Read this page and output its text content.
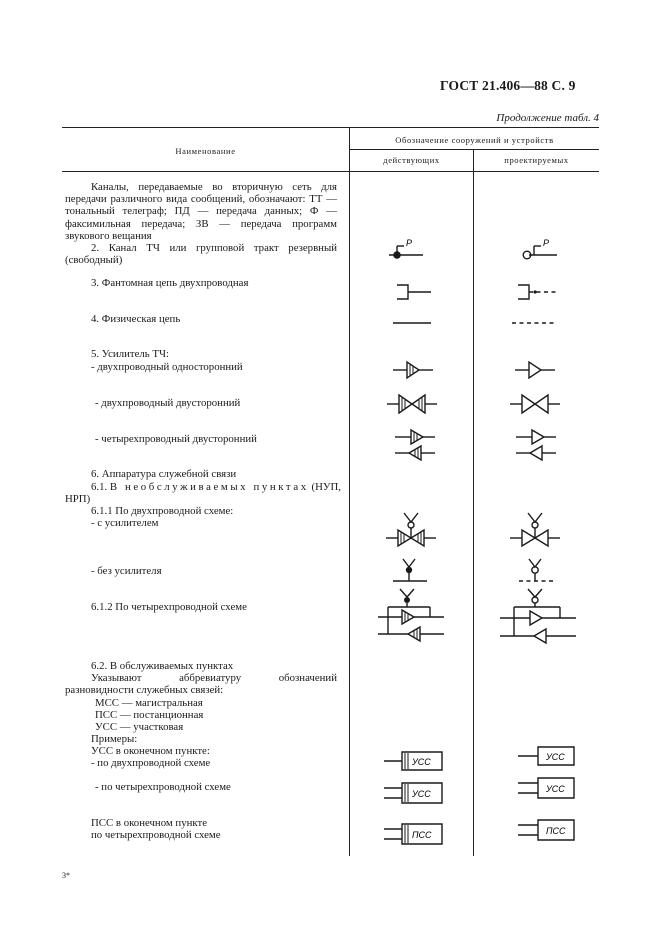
ГОСТ 21.406—88 С. 9
Продолжение табл. 4
Наименование
Обозначение сооружений и устройств
действующих	проектируемых
Каналы, передаваемые во вторичную сеть для передачи различного вида сообщений, обозначают: ТТ — тональный телеграф; ПД — передача данных; Ф — факсимильная передача; ЗВ — передача программ звукового вещания
2. Канал ТЧ или групповой тракт резервный (свободный)
3. Фантомная цепь двухпроводная
4. Физическая цепь
5. Усилитель ТЧ:
- двухпроводный односторонний
- двухпроводный двусторонний
- четырехпроводный двусторонний
6. Аппаратура служебной связи
6.1. В необслуживаемых пунктах (НУП,
НРП)
6.1.1 По двухпроводной схеме:
- с усилителем
- без усилителя
6.1.2 По четырехпроводной схеме
6.2. В обслуживаемых пунктах
Указывают аббревиатуру обозначений разновидности служебных связей:
МСС — магистральная
ПСС — постанционная
УСС — участковая
Примеры:
УСС в оконечном пункте:
- по двухпроводной схеме
- по четырехпроводной схеме
ПСС в оконечном пункте
по четырехпроводной схеме
Р
УСС
УСС
ПСС
Р
УСС
УСС
ПСС
3*
